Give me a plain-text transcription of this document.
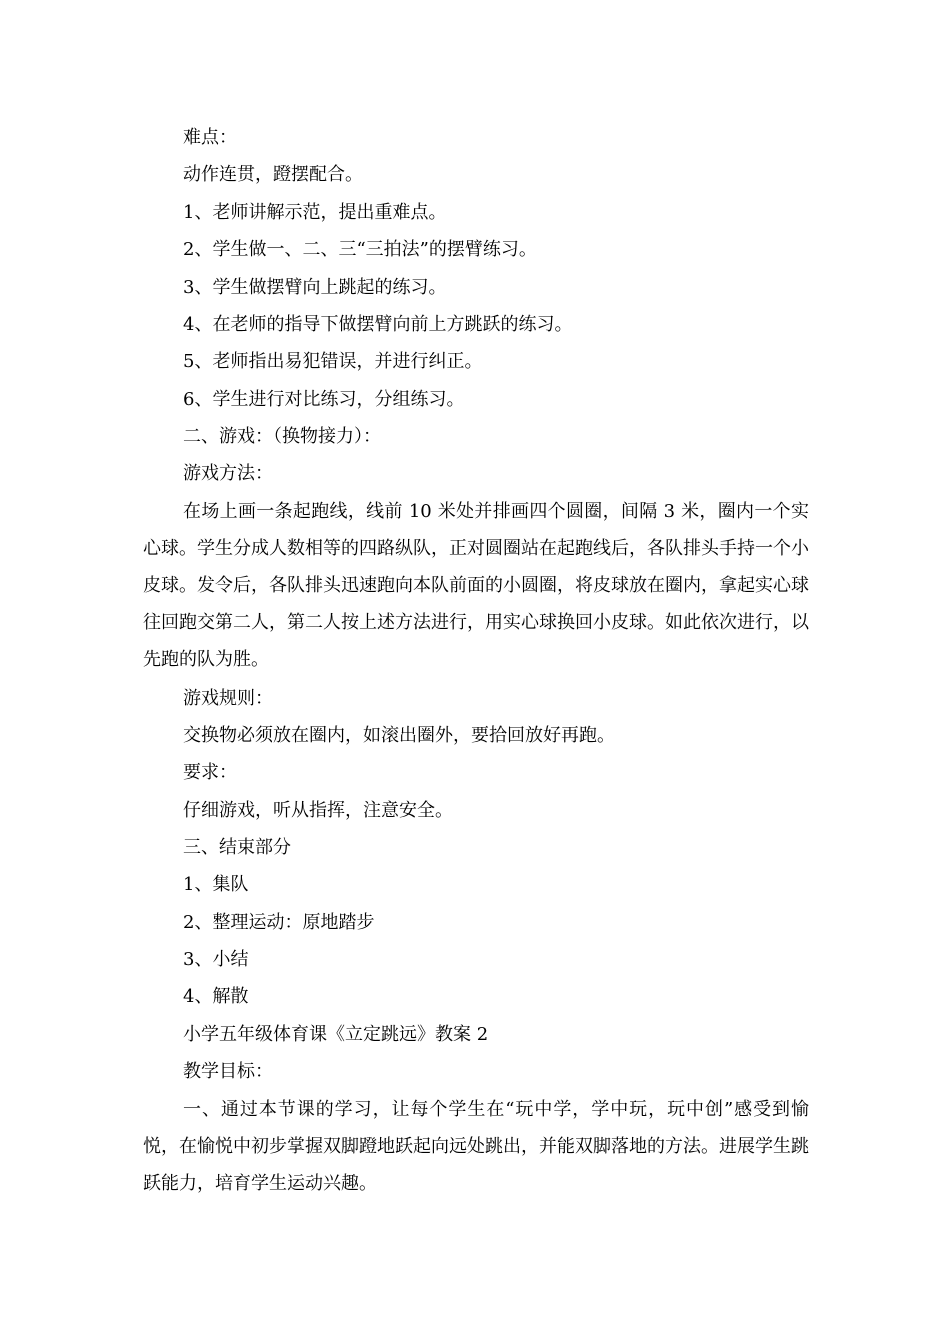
难点：
动作连贯，蹬摆配合。
1、老师讲解示范，提出重难点。
2、学生做一、二、三“三拍法”的摆臂练习。
3、学生做摆臂向上跳起的练习。
4、在老师的指导下做摆臂向前上方跳跃的练习。
5、老师指出易犯错误，并进行纠正。
6、学生进行对比练习，分组练习。
二、游戏：（换物接力）：
游戏方法：
在场上画一条起跑线，线前 10 米处并排画四个圆圈，间隔 3 米，圈内一个实心球。学生分成人数相等的四路纵队，正对圆圈站在起跑线后，各队排头手持一个小皮球。发令后，各队排头迅速跑向本队前面的小圆圈，将皮球放在圈内，拿起实心球往回跑交第二人，第二人按上述方法进行，用实心球换回小皮球。如此依次进行，以先跑的队为胜。
游戏规则：
交换物必须放在圈内，如滚出圈外，要拾回放好再跑。
要求：
仔细游戏，听从指挥，注意安全。
三、结束部分
1、集队
2、整理运动：原地踏步
3、小结
4、解散
小学五年级体育课《立定跳远》教案 2
教学目标：
一、通过本节课的学习，让每个学生在“玩中学，学中玩，玩中创”感受到愉悦，在愉悦中初步掌握双脚蹬地跃起向远处跳出，并能双脚落地的方法。进展学生跳跃能力，培育学生运动兴趣。
